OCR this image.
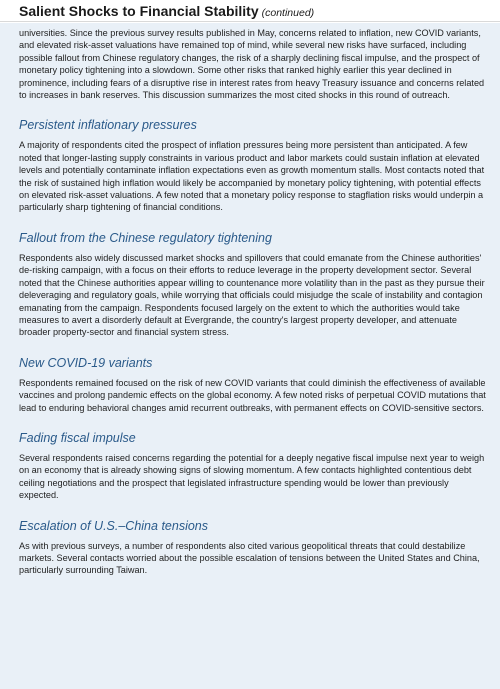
Salient Shocks to Financial Stability (continued)

universities. Since the previous survey results published in May, concerns related to inflation, new COVID variants, and elevated risk-asset valuations have remained top of mind, while several new risks have surfaced, including possible fallout from Chinese regulatory changes, the risk of a sharply declining fiscal impulse, and the prospect of monetary policy tightening into a slowdown. Some other risks that ranked highly earlier this year declined in prominence, including fears of a disruptive rise in interest rates from heavy Treasury issuance and concerns related to increases in bank reserves. This discussion summarizes the most cited shocks in this round of outreach.

Persistent inflationary pressures

A majority of respondents cited the prospect of inflation pressures being more persistent than anticipated. A few noted that longer-lasting supply constraints in various product and labor markets could sustain inflation at elevated levels and potentially contaminate inflation expectations even as growth momentum stalls. Most contacts noted that the risk of sustained high inflation would likely be accompanied by monetary policy tightening, with potential effects on elevated risk-asset valuations. A few noted that a monetary policy response to stagflation risks would underpin a particularly sharp tightening of financial conditions.

Fallout from the Chinese regulatory tightening

Respondents also widely discussed market shocks and spillovers that could emanate from the Chinese authorities' de-risking campaign, with a focus on their efforts to reduce leverage in the property development sector. Several noted that the Chinese authorities appear willing to countenance more volatility than in the past as they pursue their deleveraging and regulatory goals, while worrying that officials could misjudge the scale of instability and contagion emanating from the campaign. Respondents focused largely on the extent to which the authorities would take measures to avert a disorderly default at Evergrande, the country's largest property developer, and attenuate broader property-sector and financial system stress.

New COVID-19 variants

Respondents remained focused on the risk of new COVID variants that could diminish the effectiveness of available vaccines and prolong pandemic effects on the global economy. A few noted risks of perpetual COVID mutations that lead to enduring behavioral changes amid recurrent outbreaks, with permanent effects on COVID-sensitive sectors.

Fading fiscal impulse

Several respondents raised concerns regarding the potential for a deeply negative fiscal impulse next year to weigh on an economy that is already showing signs of slowing momentum. A few contacts highlighted contentious debt ceiling negotiations and the prospect that legislated infrastructure spending would be lower than previously expected.

Escalation of U.S.–China tensions

As with previous surveys, a number of respondents also cited various geopolitical threats that could destabilize markets. Several contacts worried about the possible escalation of tensions between the United States and China, particularly surrounding Taiwan.
